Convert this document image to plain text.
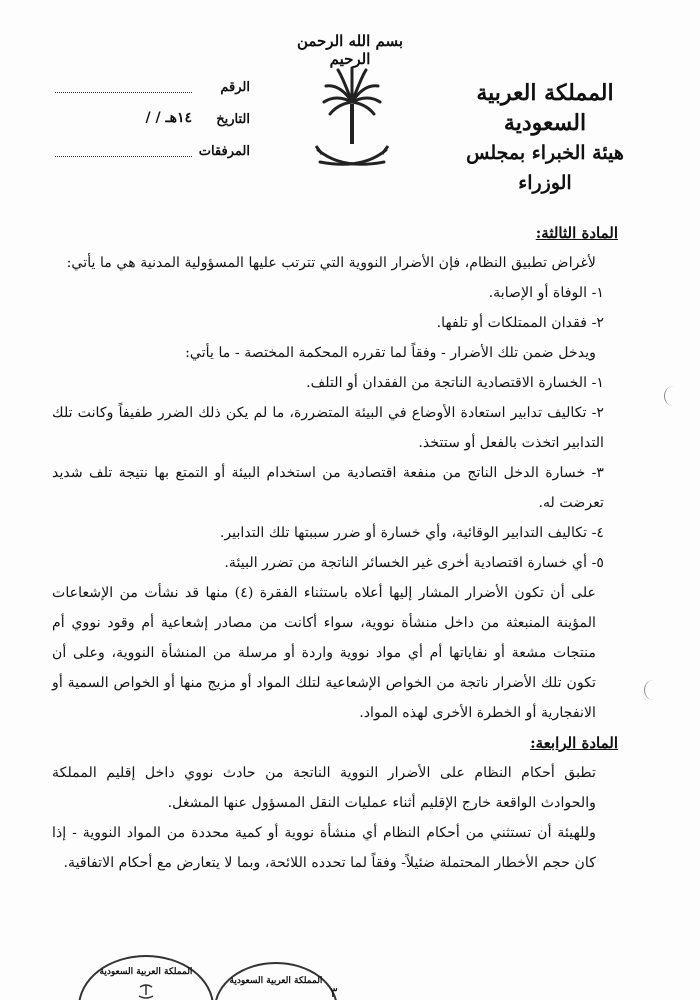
بسم الله الرحمن الرحيم
المملكة العربية السعودية
هيئة الخبراء بمجلس الوزراء
الرقم
التاريخ
/ / ١٤هـ
المرفقات
المادة الثالثة:
لأغراض تطبيق النظام، فإن الأضرار النووية التي تترتب عليها المسؤولية المدنية هي ما يأتي:
١- الوفاة أو الإصابة.
٢- فقدان الممتلكات أو تلفها.
ويدخل ضمن تلك الأضرار - وفقاً لما تقرره المحكمة المختصة - ما يأتي:
١- الخسارة الاقتصادية الناتجة من الفقدان أو التلف.
٢- تكاليف تدابير استعادة الأوضاع في البيئة المتضررة، ما لم يكن ذلك الضرر طفيفاً وكانت تلك التدابير اتخذت بالفعل أو ستتخذ.
٣- خسارة الدخل الناتج من منفعة اقتصادية من استخدام البيئة أو التمتع بها نتيجة تلف شديد تعرضت له.
٤- تكاليف التدابير الوقائية، وأي خسارة أو ضرر سببتها تلك التدابير.
٥- أي خسارة اقتصادية أخرى غير الخسائر الناتجة من تضرر البيئة.
على أن تكون الأضرار المشار إليها أعلاه باستثناء الفقرة (٤) منها قد نشأت من الإشعاعات المؤينة المنبعثة من داخل منشأة نووية، سواء أكانت من مصادر إشعاعية أم وقود نووي أم منتجات مشعة أو نفاياتها أم أي مواد نووية واردة أو مرسلة من المنشأة النووية، وعلى أن تكون تلك الأضرار ناتجة من الخواص الإشعاعية لتلك المواد أو مزيج منها أو الخواص السمية أو الانفجارية أو الخطرة الأخرى لهذه المواد.
المادة الرابعة:
تطبق أحكام النظام على الأضرار النووية الناتجة من حادث نووي داخل إقليم المملكة والحوادث الواقعة خارج الإقليم أثناء عمليات النقل المسؤول عنها المشغل.
وللهيئة أن تستثني من أحكام النظام أي منشأة نووية أو كمية محددة من المواد النووية - إذا كان حجم الأخطار المحتملة ضئيلاً- وفقاً لما تحدده اللائحة، وبما لا يتعارض مع أحكام الاتفاقية.
المملكة العربية السعودية
المملكة العربية السعودية
٣
